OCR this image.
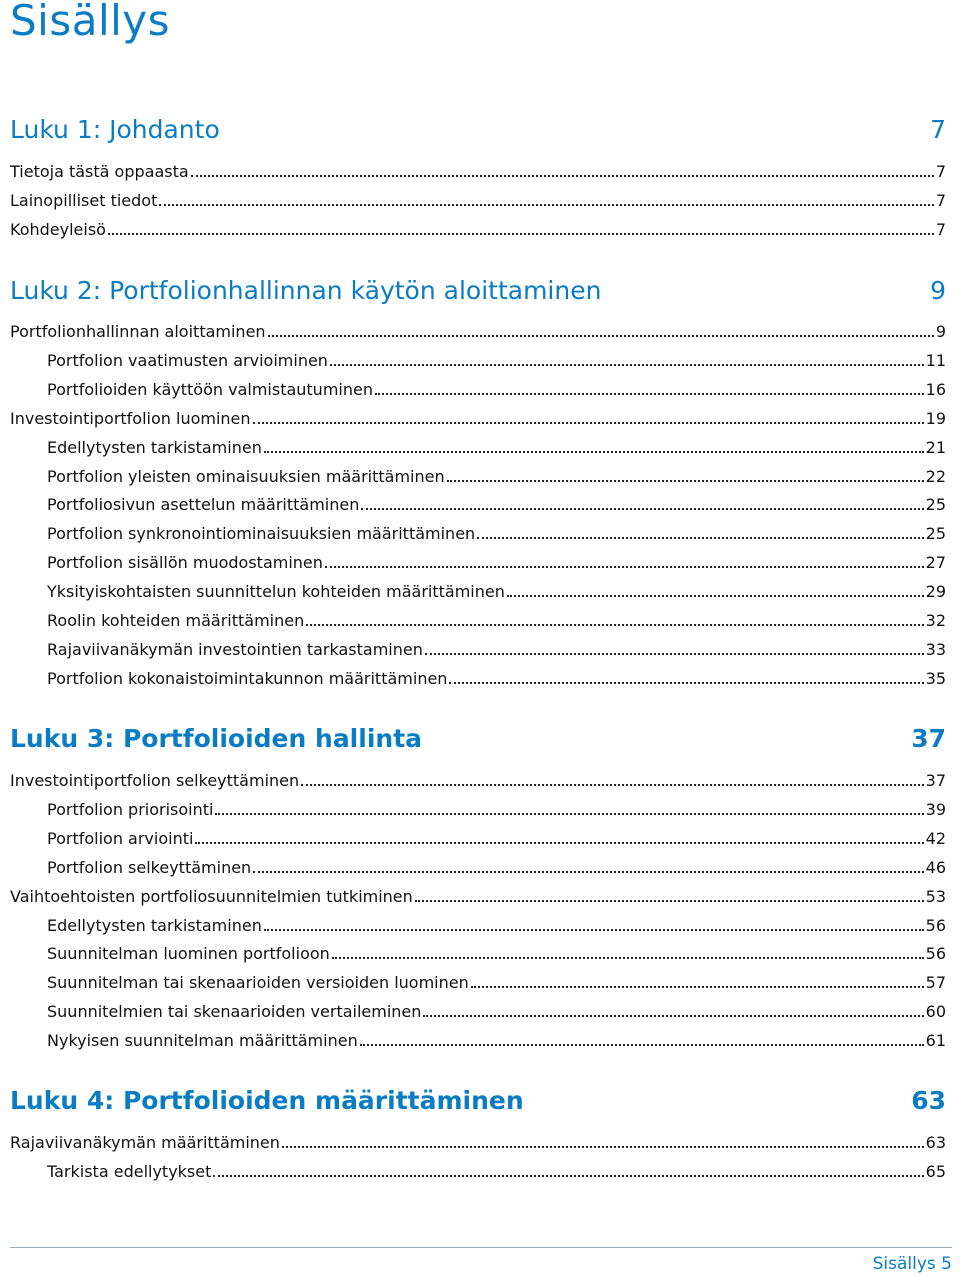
Sisällys
Luku 1: Johdanto	7
Tietoja tästä oppaasta	7
Lainopilliset tiedot	7
Kohdeyleisö	7
Luku 2: Portfolionhallinnan käytön aloittaminen	9
Portfolionhallinnan aloittaminen	9
Portfolion vaatimusten arvioiminen	11
Portfolioiden käyttöön valmistautuminen	16
Investointiportfolion luominen	19
Edellytysten tarkistaminen	21
Portfolion yleisten ominaisuuksien määrittäminen	22
Portfoliosivun asettelun määrittäminen	25
Portfolion synkronointiominaisuuksien määrittäminen	25
Portfolion sisällön muodostaminen	27
Yksityiskohtaisten suunnittelun kohteiden määrittäminen	29
Roolin kohteiden määrittäminen	32
Rajaviivanäkymän investointien tarkastaminen	33
Portfolion kokonaistoimintakunnon määrittäminen	35
Luku 3: Portfolioiden hallinta	37
Investointiportfolion selkeyttäminen	37
Portfolion priorisointi	39
Portfolion arviointi	42
Portfolion selkeyttäminen	46
Vaihtoehtoisten portfoliosuunnitelmien tutkiminen	53
Edellytysten tarkistaminen	56
Suunnitelman luominen portfolioon	56
Suunnitelman tai skenaarioiden versioiden luominen	57
Suunnitelmien tai skenaarioiden vertaileminen	60
Nykyisen suunnitelman määrittäminen	61
Luku 4: Portfolioiden määrittäminen	63
Rajaviivanäkymän määrittäminen	63
Tarkista edellytykset.	65
Sisällys 5
